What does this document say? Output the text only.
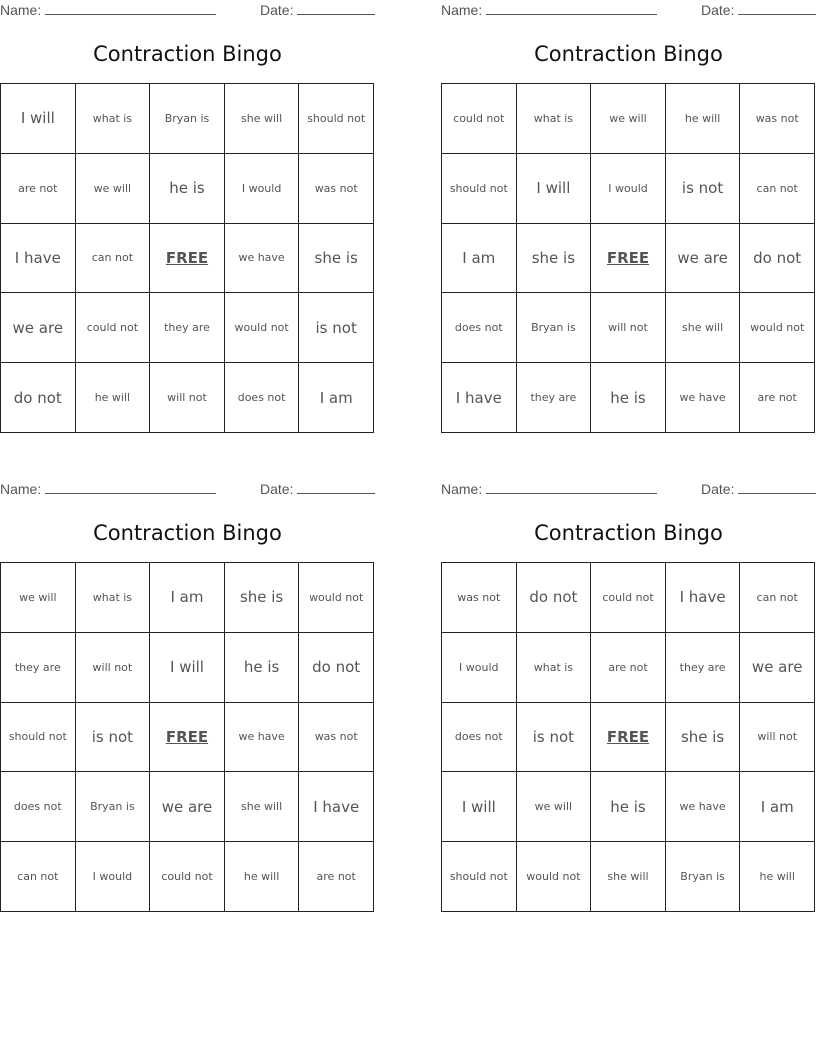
Name:	Date:
Contraction Bingo
I will	what is	Bryan is	she will	should not
are not	we will	he is	I would	was not
I have	can not	FREE	we have	she is
we are	could not	they are	would not	is not
do not	he will	will not	does not	I am
Name:	Date:
Contraction Bingo
could not	what is	we will	he will	was not
should not	I will	I would	is not	can not
I am	she is	FREE	we are	do not
does not	Bryan is	will not	she will	would not
I have	they are	he is	we have	are not
Name:	Date:
Contraction Bingo
we will	what is	I am	she is	would not
they are	will not	I will	he is	do not
should not	is not	FREE	we have	was not
does not	Bryan is	we are	she will	I have
can not	I would	could not	he will	are not
Name:	Date:
Contraction Bingo
was not	do not	could not	I have	can not
I would	what is	are not	they are	we are
does not	is not	FREE	she is	will not
I will	we will	he is	we have	I am
should not	would not	she will	Bryan is	he will
